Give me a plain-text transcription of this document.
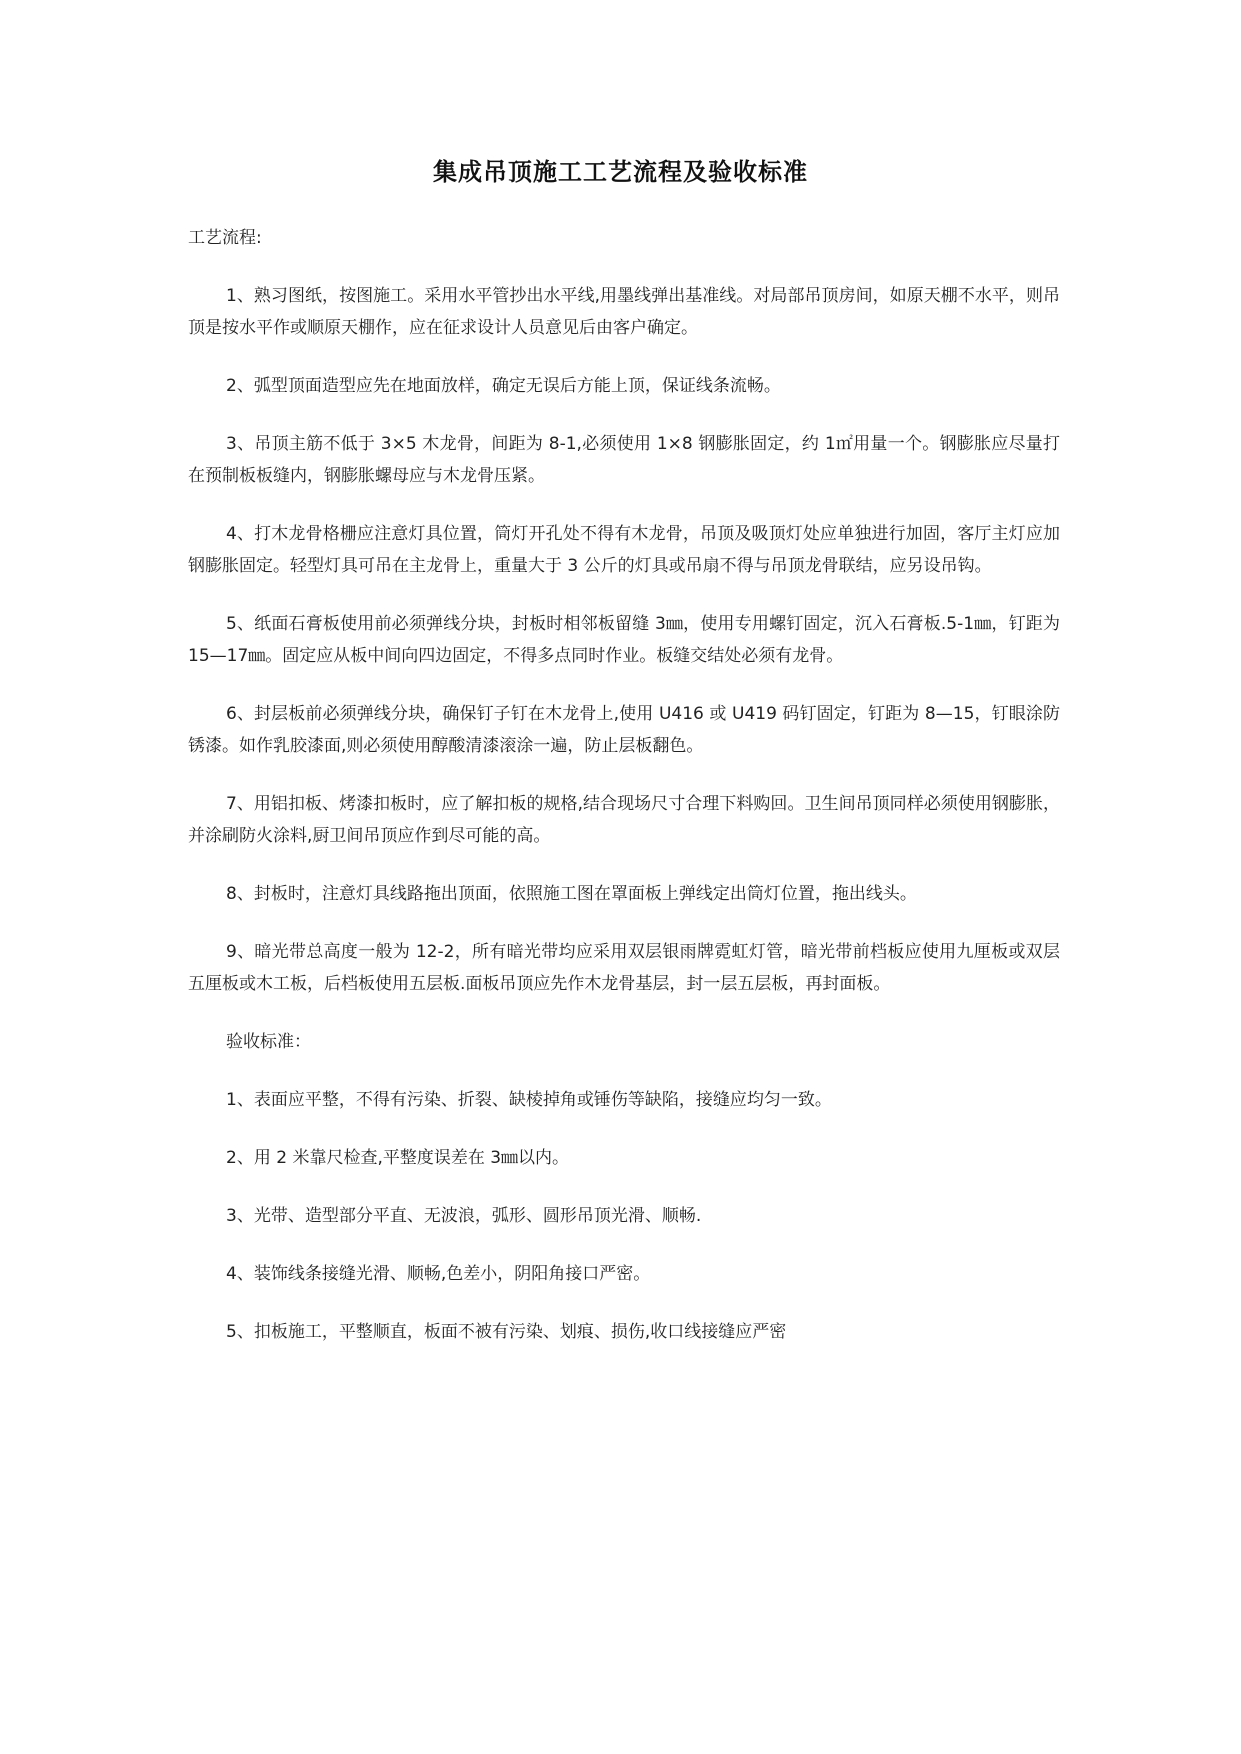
集成吊顶施工工艺流程及验收标准
工艺流程:

1、熟习图纸，按图施工。采用水平管抄出水平线,用墨线弹出基准线。对局部吊顶房间，如原天棚不水平，则吊顶是按水平作或顺原天棚作，应在征求设计人员意见后由客户确定。

2、弧型顶面造型应先在地面放样，确定无误后方能上顶，保证线条流畅。

3、吊顶主筋不低于 3×5 木龙骨，间距为 8-1,必须使用 1×8 钢膨胀固定，约 1㎡用量一个。钢膨胀应尽量打在预制板板缝内，钢膨胀螺母应与木龙骨压紧。

4、打木龙骨格栅应注意灯具位置，筒灯开孔处不得有木龙骨，吊顶及吸顶灯处应单独进行加固，客厅主灯应加钢膨胀固定。轻型灯具可吊在主龙骨上，重量大于 3 公斤的灯具或吊扇不得与吊顶龙骨联结，应另设吊钩。

5、纸面石膏板使用前必须弹线分块，封板时相邻板留缝 3㎜，使用专用螺钉固定，沉入石膏板.5-1㎜，钉距为 15—17㎜。固定应从板中间向四边固定，不得多点同时作业。板缝交结处必须有龙骨。

6、封层板前必须弹线分块，确保钉子钉在木龙骨上,使用 U416 或 U419 码钉固定，钉距为 8—15，钉眼涂防锈漆。如作乳胶漆面,则必须使用醇酸清漆滚涂一遍，防止层板翻色。

7、用铝扣板、烤漆扣板时，应了解扣板的规格,结合现场尺寸合理下料购回。卫生间吊顶同样必须使用钢膨胀，并涂刷防火涂料,厨卫间吊顶应作到尽可能的高。

8、封板时，注意灯具线路拖出顶面，依照施工图在罩面板上弹线定出筒灯位置，拖出线头。

9、暗光带总高度一般为 12-2，所有暗光带均应采用双层银雨牌霓虹灯管，暗光带前档板应使用九厘板或双层五厘板或木工板，后档板使用五层板.面板吊顶应先作木龙骨基层，封一层五层板，再封面板。

验收标准：

1、表面应平整，不得有污染、折裂、缺棱掉角或锤伤等缺陷，接缝应均匀一致。

2、用 2 米靠尺检查,平整度误差在 3㎜以内。

3、光带、造型部分平直、无波浪，弧形、圆形吊顶光滑、顺畅.

4、装饰线条接缝光滑、顺畅,色差小，阴阳角接口严密。

5、扣板施工，平整顺直，板面不被有污染、划痕、损伤,收口线接缝应严密
